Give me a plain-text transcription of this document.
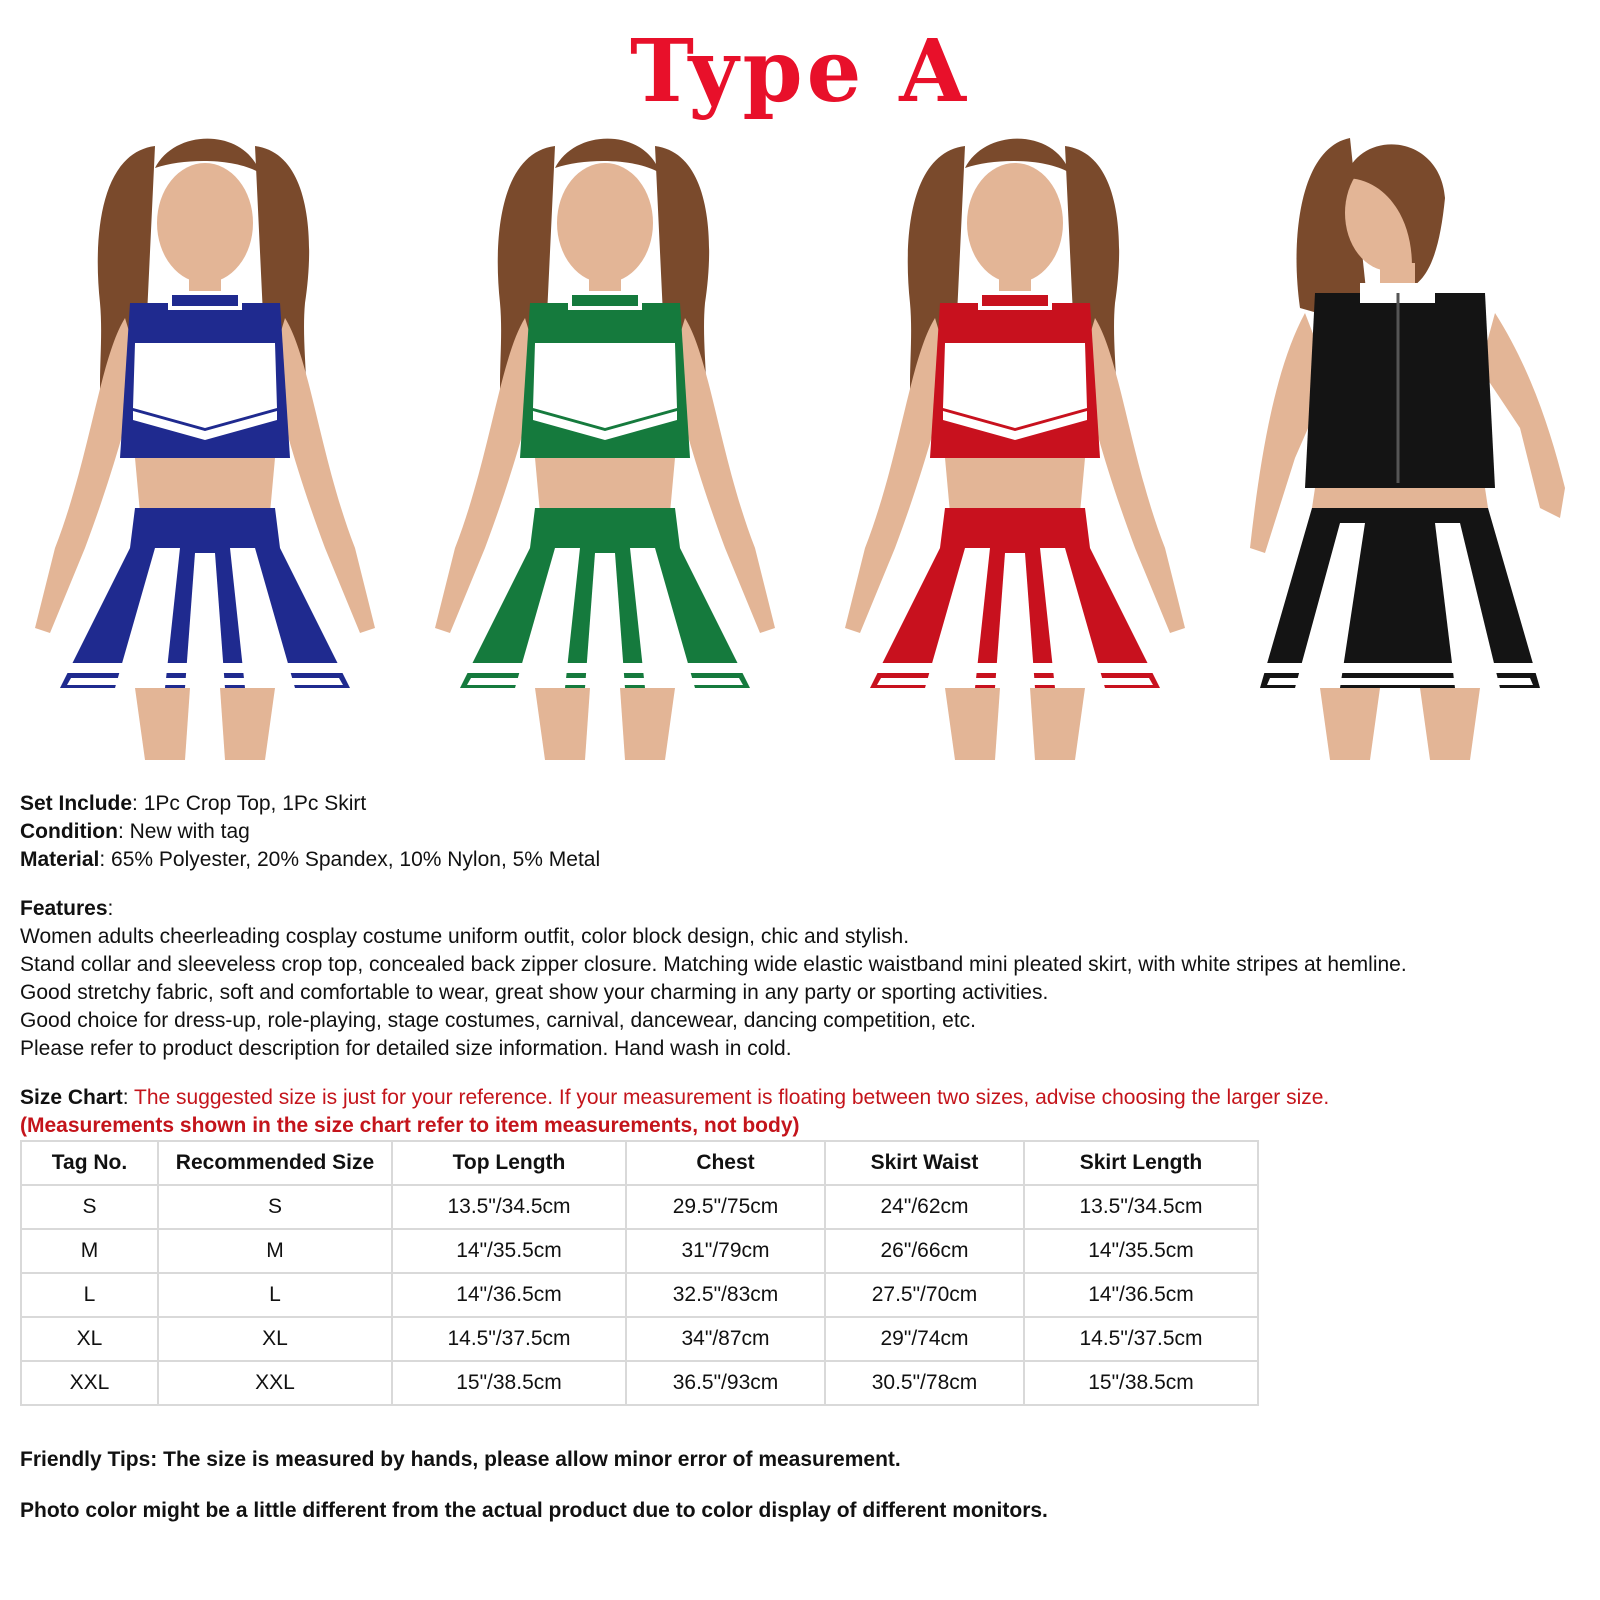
Type A

Set Include: 1Pc Crop Top, 1Pc Skirt

Condition: New with tag

Material: 65% Polyester, 20% Spandex, 10% Nylon, 5% Metal

Features:

Women adults cheerleading cosplay costume uniform outfit, color block design, chic and stylish.

Stand collar and sleeveless crop top, concealed back zipper closure. Matching wide elastic waistband mini pleated skirt, with white stripes at hemline.

Good stretchy fabric, soft and comfortable to wear, great show your charming in any party or sporting activities.

Good choice for dress-up, role-playing, stage costumes, carnival, dancewear, dancing competition, etc.

Please refer to product description for detailed size information. Hand wash in cold.

Size Chart: The suggested size is just for your reference. If your measurement is floating between two sizes, advise choosing the larger size.

(Measurements shown in the size chart refer to item measurements, not body)

Tag No.	Recommended Size	Top Length	Chest	Skirt Waist	Skirt Length
S	S	13.5"/34.5cm	29.5"/75cm	24"/62cm	13.5"/34.5cm
M	M	14"/35.5cm	31"/79cm	26"/66cm	14"/35.5cm
L	L	14"/36.5cm	32.5"/83cm	27.5"/70cm	14"/36.5cm
XL	XL	14.5"/37.5cm	34"/87cm	29"/74cm	14.5"/37.5cm
XXL	XXL	15"/38.5cm	36.5"/93cm	30.5"/78cm	15"/38.5cm
Friendly Tips: The size is measured by hands, please allow minor error of measurement.
Photo color might be a little different from the actual product due to color display of different monitors.
